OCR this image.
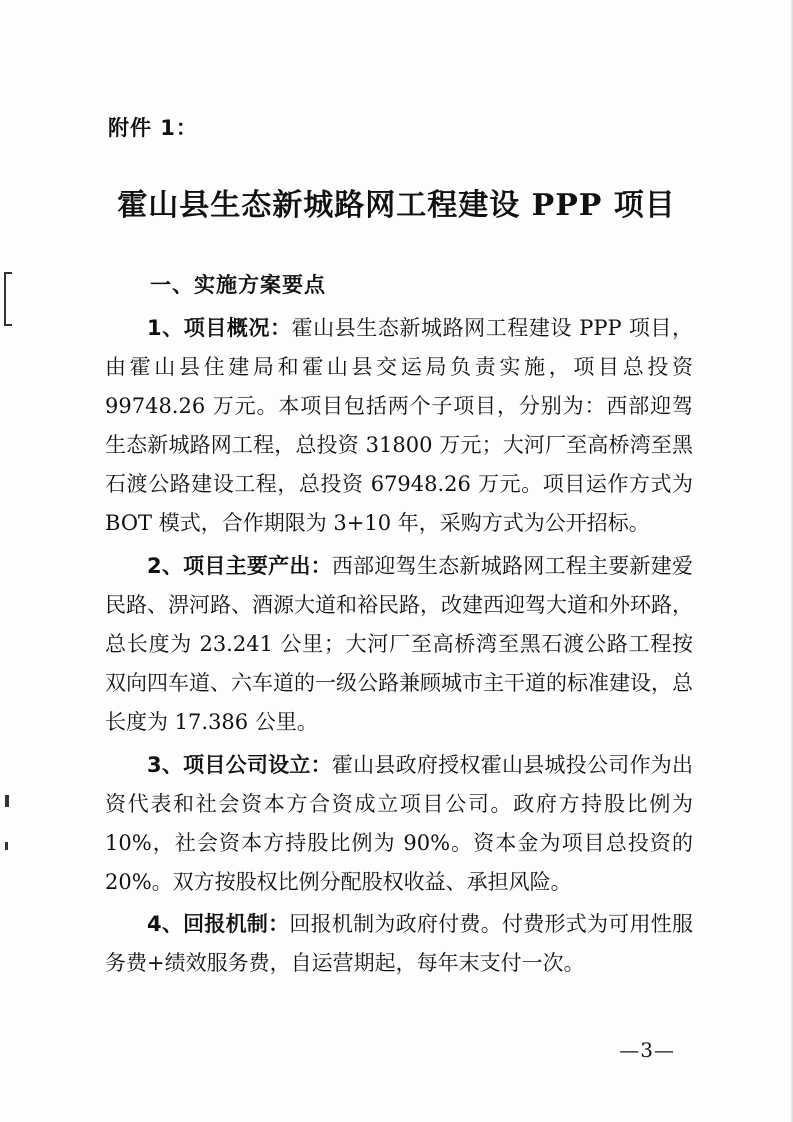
附件 1：
霍山县生态新城路网工程建设 PPP 项目
一、实施方案要点

1、项目概况：霍山县生态新城路网工程建设 PPP 项目，由霍山县住建局和霍山县交运局负责实施，项目总投资 99748.26 万元。本项目包括两个子项目，分别为：西部迎驾生态新城路网工程，总投资 31800 万元；大河厂至高桥湾至黑石渡公路建设工程，总投资 67948.26 万元。项目运作方式为 BOT 模式，合作期限为 3+10 年，采购方式为公开招标。

2、项目主要产出：西部迎驾生态新城路网工程主要新建爱民路、淠河路、酒源大道和裕民路，改建西迎驾大道和外环路，总长度为 23.241 公里；大河厂至高桥湾至黑石渡公路工程按双向四车道、六车道的一级公路兼顾城市主干道的标准建设，总长度为 17.386 公里。

3、项目公司设立：霍山县政府授权霍山县城投公司作为出资代表和社会资本方合资成立项目公司。政府方持股比例为 10%，社会资本方持股比例为 90%。资本金为项目总投资的 20%。双方按股权比例分配股权收益、承担风险。

4、回报机制：回报机制为政府付费。付费形式为可用性服务费+绩效服务费，自运营期起，每年末支付一次。

—3—
